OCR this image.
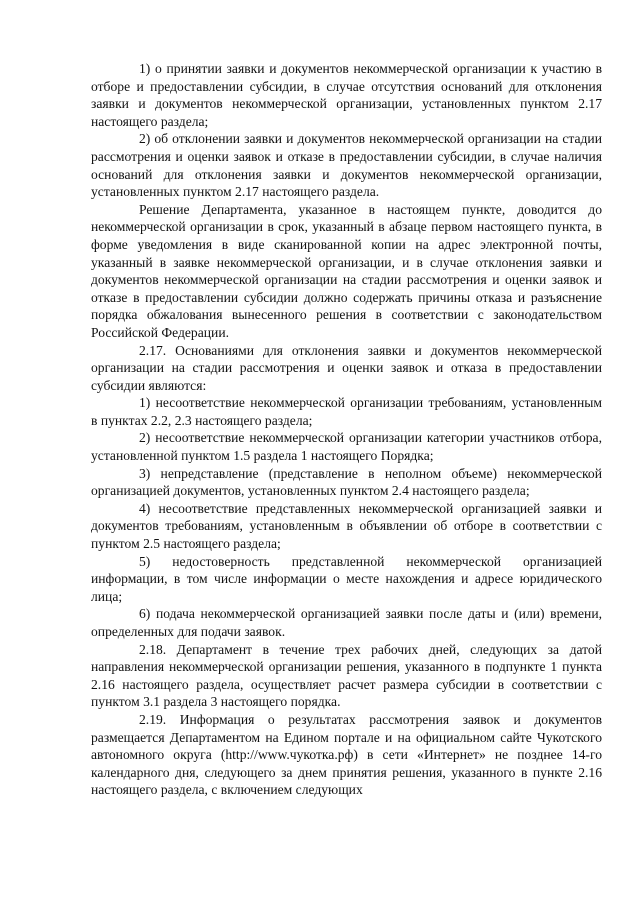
1) о принятии заявки и документов некоммерческой организации к участию в отборе и предоставлении субсидии, в случае отсутствия оснований для отклонения заявки и документов некоммерческой организации, установленных пунктом 2.17 настоящего раздела;

2) об отклонении заявки и документов некоммерческой организации на стадии рассмотрения и оценки заявок и отказе в предоставлении субсидии, в случае наличия оснований для отклонения заявки и документов некоммерческой организации, установленных пунктом 2.17 настоящего раздела.

Решение Департамента, указанное в настоящем пункте, доводится до некоммерческой организации в срок, указанный в абзаце первом настоящего пункта, в форме уведомления в виде сканированной копии на адрес электронной почты, указанный в заявке некоммерческой организации, и в случае отклонения заявки и документов некоммерческой организации на стадии рассмотрения и оценки заявок и отказе в предоставлении субсидии должно содержать причины отказа и разъяснение порядка обжалования вынесенного решения в соответствии с законодательством Российской Федерации.

2.17. Основаниями для отклонения заявки и документов некоммерческой организации на стадии рассмотрения и оценки заявок и отказа в предоставлении субсидии являются:

1) несоответствие некоммерческой организации требованиям, установленным в пунктах 2.2, 2.3 настоящего раздела;

2) несоответствие некоммерческой организации категории участников отбора, установленной пунктом 1.5 раздела 1 настоящего Порядка;

3) непредставление (представление в неполном объеме) некоммерческой организацией документов, установленных пунктом 2.4 настоящего раздела;

4) несоответствие представленных некоммерческой организацией заявки и документов требованиям, установленным в объявлении об отборе в соответствии с пунктом 2.5 настоящего раздела;

5) недостоверность представленной некоммерческой организацией информации, в том числе информации о месте нахождения и адресе юридического лица;

6) подача некоммерческой организацией заявки после даты и (или) времени, определенных для подачи заявок.

2.18. Департамент в течение трех рабочих дней, следующих за датой направления некоммерческой организации решения, указанного в подпункте 1 пункта 2.16 настоящего раздела, осуществляет расчет размера субсидии в соответствии с пунктом 3.1 раздела 3 настоящего порядка.

2.19. Информация о результатах рассмотрения заявок и документов размещается Департаментом на Едином портале и на официальном сайте Чукотского автономного округа (http://www.чукотка.рф) в сети «Интернет» не позднее 14-го календарного дня, следующего за днем принятия решения, указанного в пункте 2.16 настоящего раздела, с включением следующих
